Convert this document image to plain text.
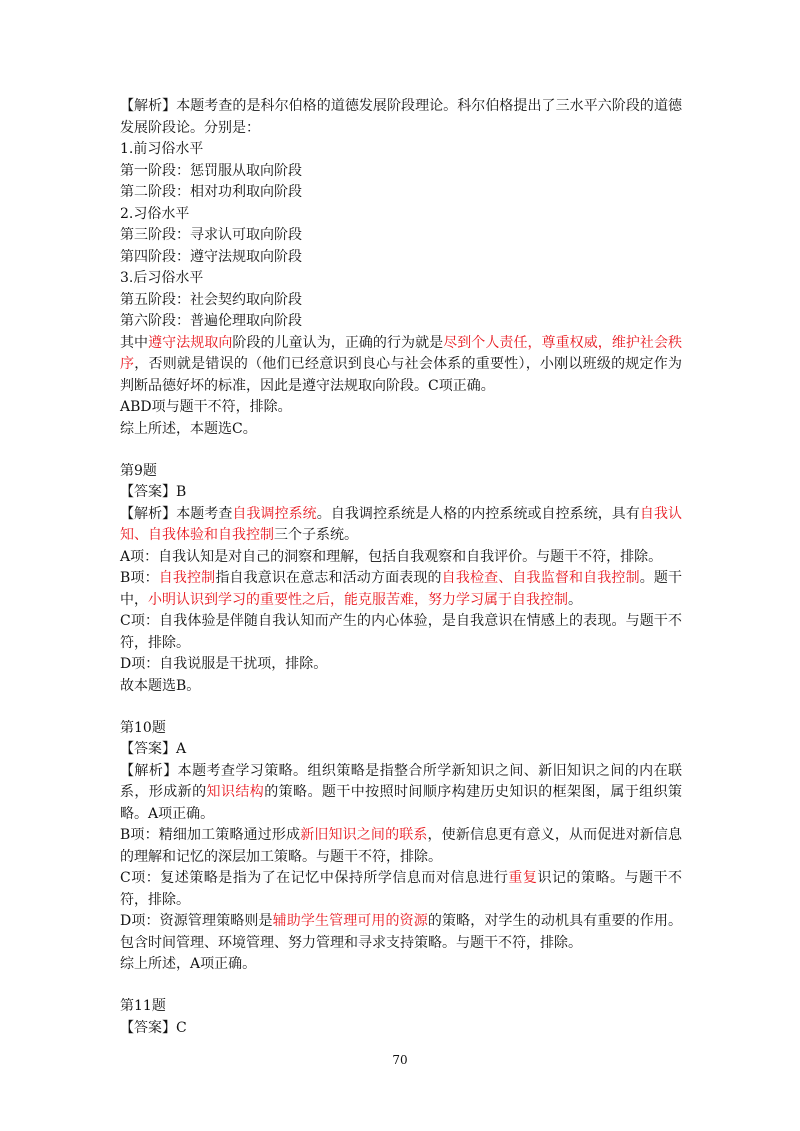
【解析】本题考查的是科尔伯格的道德发展阶段理论。科尔伯格提出了三水平六阶段的道德发展阶段论。分别是：
1.前习俗水平
第一阶段：惩罚服从取向阶段
第二阶段：相对功利取向阶段
2.习俗水平
第三阶段：寻求认可取向阶段
第四阶段：遵守法规取向阶段
3.后习俗水平
第五阶段：社会契约取向阶段
第六阶段：普遍伦理取向阶段
其中遵守法规取向阶段的儿童认为，正确的行为就是尽到个人责任，尊重权威，维护社会秩序，否则就是错误的（他们已经意识到良心与社会体系的重要性），小刚以班级的规定作为判断品德好坏的标准，因此是遵守法规取向阶段。C项正确。
ABD项与题干不符，排除。
综上所述，本题选C。
第9题
【答案】B
【解析】本题考查自我调控系统。自我调控系统是人格的内控系统或自控系统，具有自我认知、自我体验和自我控制三个子系统。
A项：自我认知是对自己的洞察和理解，包括自我观察和自我评价。与题干不符，排除。
B项：自我控制指自我意识在意志和活动方面表现的自我检查、自我监督和自我控制。题干中，小明认识到学习的重要性之后，能克服苦难，努力学习属于自我控制。
C项：自我体验是伴随自我认知而产生的内心体验，是自我意识在情感上的表现。与题干不符，排除。
D项：自我说服是干扰项，排除。
故本题选B。
第10题
【答案】A
【解析】本题考查学习策略。组织策略是指整合所学新知识之间、新旧知识之间的内在联系，形成新的知识结构的策略。题干中按照时间顺序构建历史知识的框架图，属于组织策略。A项正确。
B项：精细加工策略通过形成新旧知识之间的联系，使新信息更有意义，从而促进对新信息的理解和记忆的深层加工策略。与题干不符，排除。
C项：复述策略是指为了在记忆中保持所学信息而对信息进行重复识记的策略。与题干不符，排除。
D项：资源管理策略则是辅助学生管理可用的资源的策略，对学生的动机具有重要的作用。包含时间管理、环境管理、努力管理和寻求支持策略。与题干不符，排除。
综上所述，A项正确。
第11题
【答案】C
70
